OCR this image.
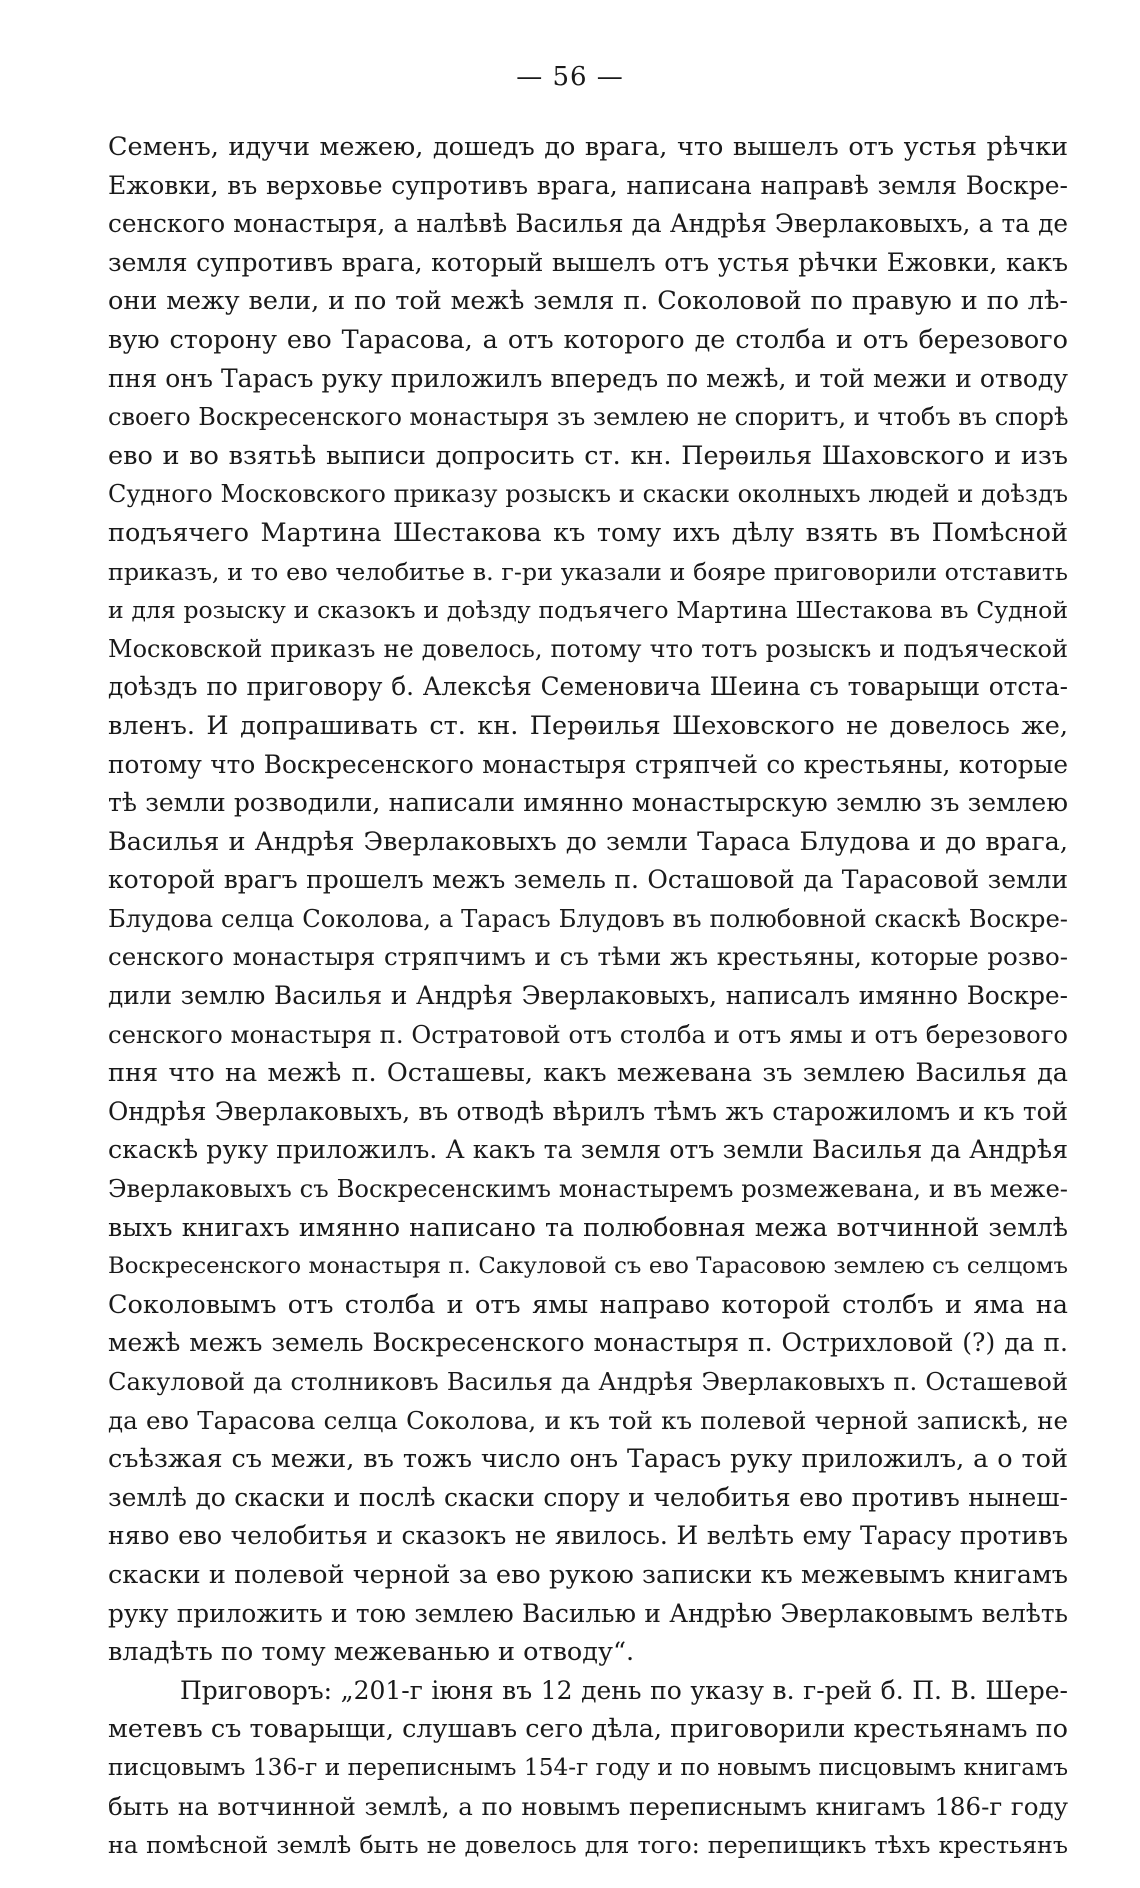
— 56 —
Семенъ, идучи межею, дошедъ до врага, что вышелъ отъ устья рѣчки
Ежовки, въ верховье супротивъ врага, написана направѣ земля Воскре-
сенского монастыря, а налѣвѣ Василья да Андрѣя Эверлаковыхъ, а та де
земля супротивъ врага, который вышелъ отъ устья рѣчки Ежовки, какъ
они межу вели, и по той межѣ земля п. Соколовой по правую и по лѣ-
вую сторону ево Тарасова, а отъ которого де столба и отъ березового
пня онъ Тарасъ руку приложилъ впередъ по межѣ, и той межи и отводу
своего Воскресенского монастыря зъ землею не споритъ, и чтобъ въ спорѣ
ево и во взятьѣ выписи допросить ст. кн. Перѳилья Шаховского и изъ
Судного Московского приказу розыскъ и скаски околныхъ людей и доѣздъ
подъячего Мартина Шестакова къ тому ихъ дѣлу взять въ Помѣсной
приказъ, и то ево челобитье в. г-ри указали и бояре приговорили отставить
и для розыску и сказокъ и доѣзду подъячего Мартина Шестакова въ Судной
Московской приказъ не довелось, потому что тотъ розыскъ и подъяческой
доѣздъ по приговору б. Алексѣя Семеновича Шеина съ товарыщи отста-
вленъ. И допрашивать ст. кн. Перѳилья Шеховского не довелось же,
потому что Воскресенского монастыря стряпчей со крестьяны, которые
тѣ земли розводили, написали имянно монастырскую землю зъ землею
Василья и Андрѣя Эверлаковыхъ до земли Тараса Блудова и до врага,
которой врагъ прошелъ межъ земель п. Осташовой да Тарасовой земли
Блудова селца Соколова, а Тарасъ Блудовъ въ полюбовной скаскѣ Воскре-
сенского монастыря стряпчимъ и съ тѣми жъ крестьяны, которые розво-
дили землю Василья и Андрѣя Эверлаковыхъ, написалъ имянно Воскре-
сенского монастыря п. Остратовой отъ столба и отъ ямы и отъ березового
пня что на межѣ п. Осташевы, какъ межевана зъ землею Василья да
Ондрѣя Эверлаковыхъ, въ отводѣ вѣрилъ тѣмъ жъ старожиломъ и къ той
скаскѣ руку приложилъ. А какъ та земля отъ земли Василья да Андрѣя
Эверлаковыхъ съ Воскресенскимъ монастыремъ розмежевана, и въ меже-
выхъ книгахъ имянно написано та полюбовная межа вотчинной землѣ
Воскресенского монастыря п. Сакуловой съ ево Тарасовою землею съ селцомъ
Соколовымъ отъ столба и отъ ямы направо которой столбъ и яма на
межѣ межъ земель Воскресенского монастыря п. Острихловой (?) да п.
Сакуловой да столниковъ Василья да Андрѣя Эверлаковыхъ п. Осташевой
да ево Тарасова селца Соколова, и къ той къ полевой черной запискѣ, не
съѣзжая съ межи, въ тожъ число онъ Тарасъ руку приложилъ, а о той
землѣ до скаски и послѣ скаски спору и челобитья ево противъ нынеш-
няво ево челобитья и сказокъ не явилось. И велѣть ему Тарасу противъ
скаски и полевой черной за ево рукою записки къ межевымъ книгамъ
руку приложить и тою землею Василью и Андрѣю Эверлаковымъ велѣть
владѣть по тому межеванью и отводу“.
Приговоръ: „201-г іюня въ 12 день по указу в. г-рей б. П. В. Шере-
метевъ съ товарыщи, слушавъ сего дѣла, приговорили крестьянамъ по
писцовымъ 136-г и переписнымъ 154-г году и по новымъ писцовымъ книгамъ
быть на вотчинной землѣ, а по новымъ переписнымъ книгамъ 186-г году
на помѣсной землѣ быть не довелось для того: перепищикъ тѣхъ крестьянъ
